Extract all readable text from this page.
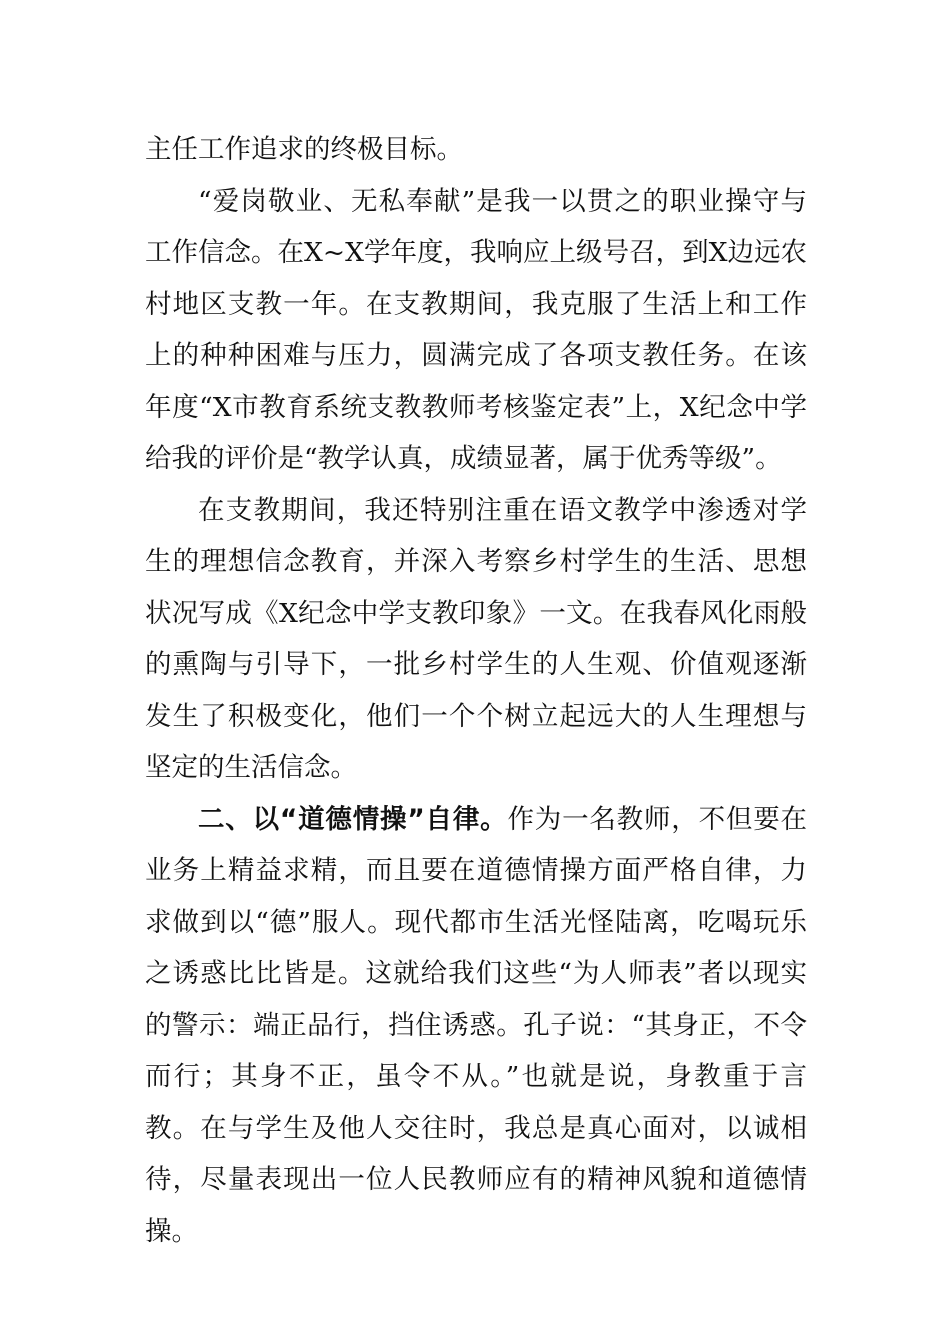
主任工作追求的终极目标。

“爱岗敬业、无私奉献”是我一以贯之的职业操守与工作信念。在X~X学年度，我响应上级号召，到X边远农村地区支教一年。在支教期间，我克服了生活上和工作上的种种困难与压力，圆满完成了各项支教任务。在该年度“X市教育系统支教教师考核鉴定表”上，X纪念中学给我的评价是“教学认真，成绩显著，属于优秀等级”。

在支教期间，我还特别注重在语文教学中渗透对学生的理想信念教育，并深入考察乡村学生的生活、思想状况写成《X纪念中学支教印象》一文。在我春风化雨般的熏陶与引导下，一批乡村学生的人生观、价值观逐渐发生了积极变化，他们一个个树立起远大的人生理想与坚定的生活信念。

二、以“道德情操”自律。作为一名教师，不但要在业务上精益求精，而且要在道德情操方面严格自律，力求做到以“德”服人。现代都市生活光怪陆离，吃喝玩乐之诱惑比比皆是。这就给我们这些“为人师表”者以现实的警示：端正品行，挡住诱惑。孔子说：“其身正，不令而行；其身不正，虽令不从。”也就是说，身教重于言教。在与学生及他人交往时，我总是真心面对，以诚相待，尽量表现出一位人民教师应有的精神风貌和道德情操。
